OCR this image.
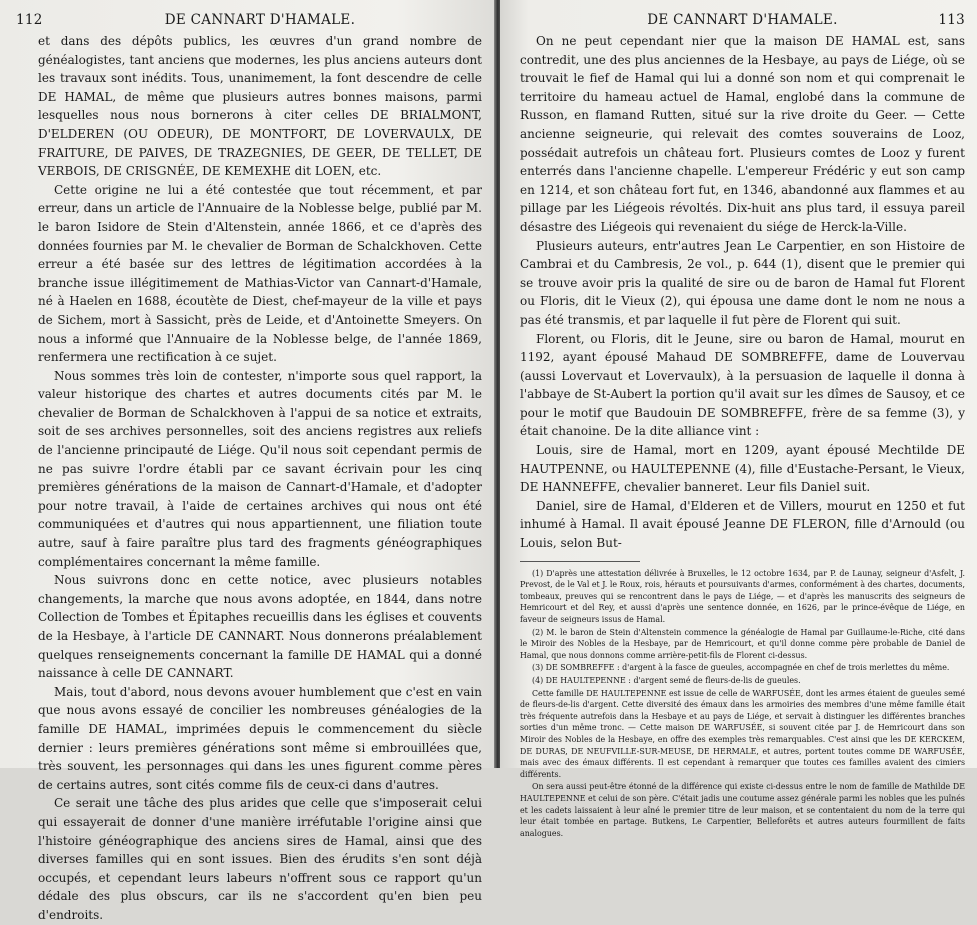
112	DE CANNART D'HAMALE.

et dans des dépôts publics, les œuvres d'un grand nombre de généalogistes, tant anciens que modernes, les plus anciens auteurs dont les travaux sont inédits. Tous, unanimement, la font descendre de celle DE HAMAL, de même que plusieurs autres bonnes maisons, parmi lesquelles nous nous bornerons à citer celles DE BRIALMONT, D'ELDEREN (OU ODEUR), DE MONTFORT, DE LOVERVAULX, DE FRAITURE, DE PAIVES, DE TRAZEGNIES, DE GEER, DE TELLET, DE VERBOIS, DE CRISGNÉE, DE KEMEXHE dit LOEN, etc.

Cette origine ne lui a été contestée que tout récemment, et par erreur, dans un article de l'Annuaire de la Noblesse belge, publié par M. le baron Isidore de Stein d'Altenstein, année 1866, et ce d'après des données fournies par M. le chevalier de Borman de Schalckhoven. Cette erreur a été basée sur des lettres de légitimation accordées à la branche issue illégitimement de Mathias-Victor van Cannart-d'Hamale, né à Haelen en 1688, écoutète de Diest, chef-mayeur de la ville et pays de Sichem, mort à Sassicht, près de Leide, et d'Antoinette Smeyers. On nous a informé que l'Annuaire de la Noblesse belge, de l'année 1869, renfermera une rectification à ce sujet.

Nous sommes très loin de contester, n'importe sous quel rapport, la valeur historique des chartes et autres documents cités par M. le chevalier de Borman de Schalckhoven à l'appui de sa notice et extraits, soit de ses archives personnelles, soit des anciens registres aux reliefs de l'ancienne principauté de Liége. Qu'il nous soit cependant permis de ne pas suivre l'ordre établi par ce savant écrivain pour les cinq premières générations de la maison de Cannart-d'Hamale, et d'adopter pour notre travail, à l'aide de certaines archives qui nous ont été communiquées et d'autres qui nous appartiennent, une filiation toute autre, sauf à faire paraître plus tard des fragments généographiques complémentaires concernant la même famille.

Nous suivrons donc en cette notice, avec plusieurs notables changements, la marche que nous avons adoptée, en 1844, dans notre Collection de Tombes et Épitaphes recueillis dans les églises et couvents de la Hesbaye, à l'article DE CANNART. Nous donnerons préalablement quelques renseignements concernant la famille DE HAMAL qui a donné naissance à celle DE CANNART.

Mais, tout d'abord, nous devons avouer humblement que c'est en vain que nous avons essayé de concilier les nombreuses généalogies de la famille DE HAMAL, imprimées depuis le commencement du siècle dernier : leurs premières générations sont même si embrouillées que, très souvent, les personnages qui dans les unes figurent comme pères de certains autres, sont cités comme fils de ceux-ci dans d'autres.

Ce serait une tâche des plus arides que celle que s'imposerait celui qui essayerait de donner d'une manière irréfutable l'origine ainsi que l'histoire généographique des anciens sires de Hamal, ainsi que des diverses familles qui en sont issues. Bien des érudits s'en sont déjà occupés, et cependant leurs labeurs n'offrent sous ce rapport qu'un dédale des plus obscurs, car ils ne s'accordent qu'en bien peu d'endroits.

DE CANNART D'HAMALE.	113

On ne peut cependant nier que la maison DE HAMAL est, sans contredit, une des plus anciennes de la Hesbaye, au pays de Liége, où se trouvait le fief de Hamal qui lui a donné son nom et qui comprenait le territoire du hameau actuel de Hamal, englobé dans la commune de Russon, en flamand Rutten, situé sur la rive droite du Geer. — Cette ancienne seigneurie, qui relevait des comtes souverains de Looz, possédait autrefois un château fort. Plusieurs comtes de Looz y furent enterrés dans l'ancienne chapelle. L'empereur Frédéric y eut son camp en 1214, et son château fort fut, en 1346, abandonné aux flammes et au pillage par les Liégeois révoltés. Dix-huit ans plus tard, il essuya pareil désastre des Liégeois qui revenaient du siége de Herck-la-Ville.

Plusieurs auteurs, entr'autres Jean Le Carpentier, en son Histoire de Cambrai et du Cambresis, 2e vol., p. 644 (1), disent que le premier qui se trouve avoir pris la qualité de sire ou de baron de Hamal fut Florent ou Floris, dit le Vieux (2), qui épousa une dame dont le nom ne nous a pas été transmis, et par laquelle il fut père de Florent qui suit.

Florent, ou Floris, dit le Jeune, sire ou baron de Hamal, mourut en 1192, ayant épousé Mahaud DE SOMBREFFE, dame de Louvervau (aussi Lovervaut et Lovervaulx), à la persuasion de laquelle il donna à l'abbaye de St-Aubert la portion qu'il avait sur les dîmes de Sausoy, et ce pour le motif que Baudouin DE SOMBREFFE, frère de sa femme (3), y était chanoine. De la dite alliance vint :

Louis, sire de Hamal, mort en 1209, ayant épousé Mechtilde DE HAUTPENNE, ou HAULTEPENNE (4), fille d'Eustache-Persant, le Vieux, DE HANNEFFE, chevalier banneret. Leur fils Daniel suit.

Daniel, sire de Hamal, d'Elderen et de Villers, mourut en 1250 et fut inhumé à Hamal. Il avait épousé Jeanne DE FLERON, fille d'Arnould (ou Louis, selon But-

(1) D'après une attestation délivrée à Bruxelles, le 12 octobre 1634, par P. de Launay, seigneur d'Asfelt, J. Prevost, de le Val et J. le Roux, rois, hérauts et poursuivants d'armes, conformément à des chartes, documents, tombeaux, preuves qui se rencontrent dans le pays de Liége, — et d'après les manuscrits des seigneurs de Hemricourt et del Rey, et aussi d'après une sentence donnée, en 1626, par le prince-évêque de Liége, en faveur de seigneurs issus de Hamal.

(2) M. le baron de Stein d'Altenstein commence la généalogie de Hamal par Guillaume-le-Riche, cité dans le Miroir des Nobles de la Hesbaye, par de Hemricourt, et qu'il donne comme père probable de Daniel de Hamal, que nous donnons comme arrière-petit-fils de Florent ci-dessus.

(3) DE SOMBREFFE : d'argent à la fasce de gueules, accompagnée en chef de trois merlettes du même.

(4) DE HAULTEPENNE : d'argent semé de fleurs-de-lis de gueules.

Cette famille DE HAULTEPENNE est issue de celle de WARFUSÉE, dont les armes étaient de gueules semé de fleurs-de-lis d'argent. Cette diversité des émaux dans les armoiries des membres d'une même famille était très fréquente autrefois dans la Hesbaye et au pays de Liége, et servait à distinguer les différentes branches sorties d'un même tronc. — Cette maison DE WARFUSÉE, si souvent citée par J. de Hemricourt dans son Miroir des Nobles de la Hesbaye, en offre des exemples très remarquables. C'est ainsi que les DE KERCKEM, DE DURAS, DE NEUFVILLE-SUR-MEUSE, DE HERMALE, et autres, portent toutes comme DE WARFUSÉE, mais avec des émaux différents. Il est cependant à remarquer que toutes ces familles avaient des cimiers différents.

On sera aussi peut-être étonné de la différence qui existe ci-dessus entre le nom de famille de Mathilde DE HAULTEPENNE et celui de son père. C'était jadis une coutume assez générale parmi les nobles que les puînés et les cadets laissaient à leur aîné le premier titre de leur maison, et se contentaient du nom de la terre qui leur était tombée en partage. Butkens, Le Carpentier, Belleforêts et autres auteurs fourmillent de faits analogues.
